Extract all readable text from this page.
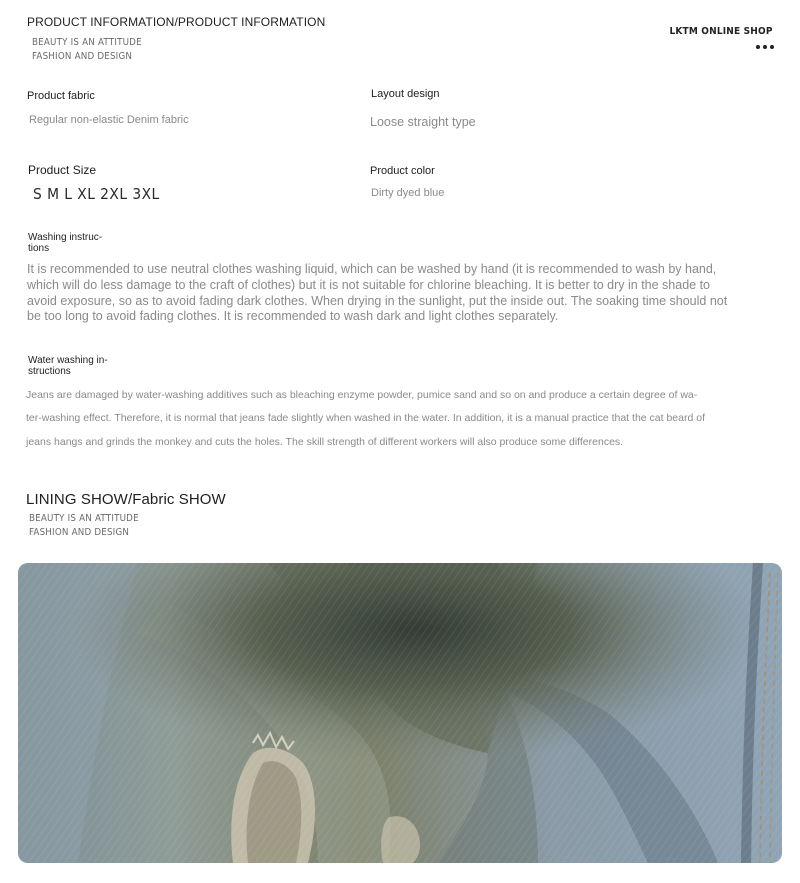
PRODUCT INFORMATION/PRODUCT INFORMATION
BEAUTY IS AN ATTITUDE
FASHION AND DESIGN
LKTM ONLINE SHOP
Product fabric
Regular non-elastic Denim fabric
Layout design
Loose straight type
Product Size
S M L XL 2XL 3XL
Product color
Dirty dyed blue
Washing instruc-
tions
It is recommended to use neutral clothes washing liquid, which can be washed by hand (it is recommended to wash by hand, which will do less damage to the craft of clothes) but it is not suitable for chlorine bleaching. It is better to dry in the shade to avoid exposure, so as to avoid fading dark clothes. When drying in the sunlight, put the inside out. The soaking time should not be too long to avoid fading clothes. It is recommended to wash dark and light clothes separately.
Water washing in-
structions
Jeans are damaged by water-washing additives such as bleaching enzyme powder, pumice sand and so on and produce a certain degree of wa-
ter-washing effect. Therefore, it is normal that jeans fade slightly when washed in the water. In addition, it is a manual practice that the cat beard of
jeans hangs and grinds the monkey and cuts the holes. The skill strength of different workers will also produce some differences.
LINING SHOW/Fabric SHOW
BEAUTY IS AN ATTITUDE
FASHION AND DESIGN
